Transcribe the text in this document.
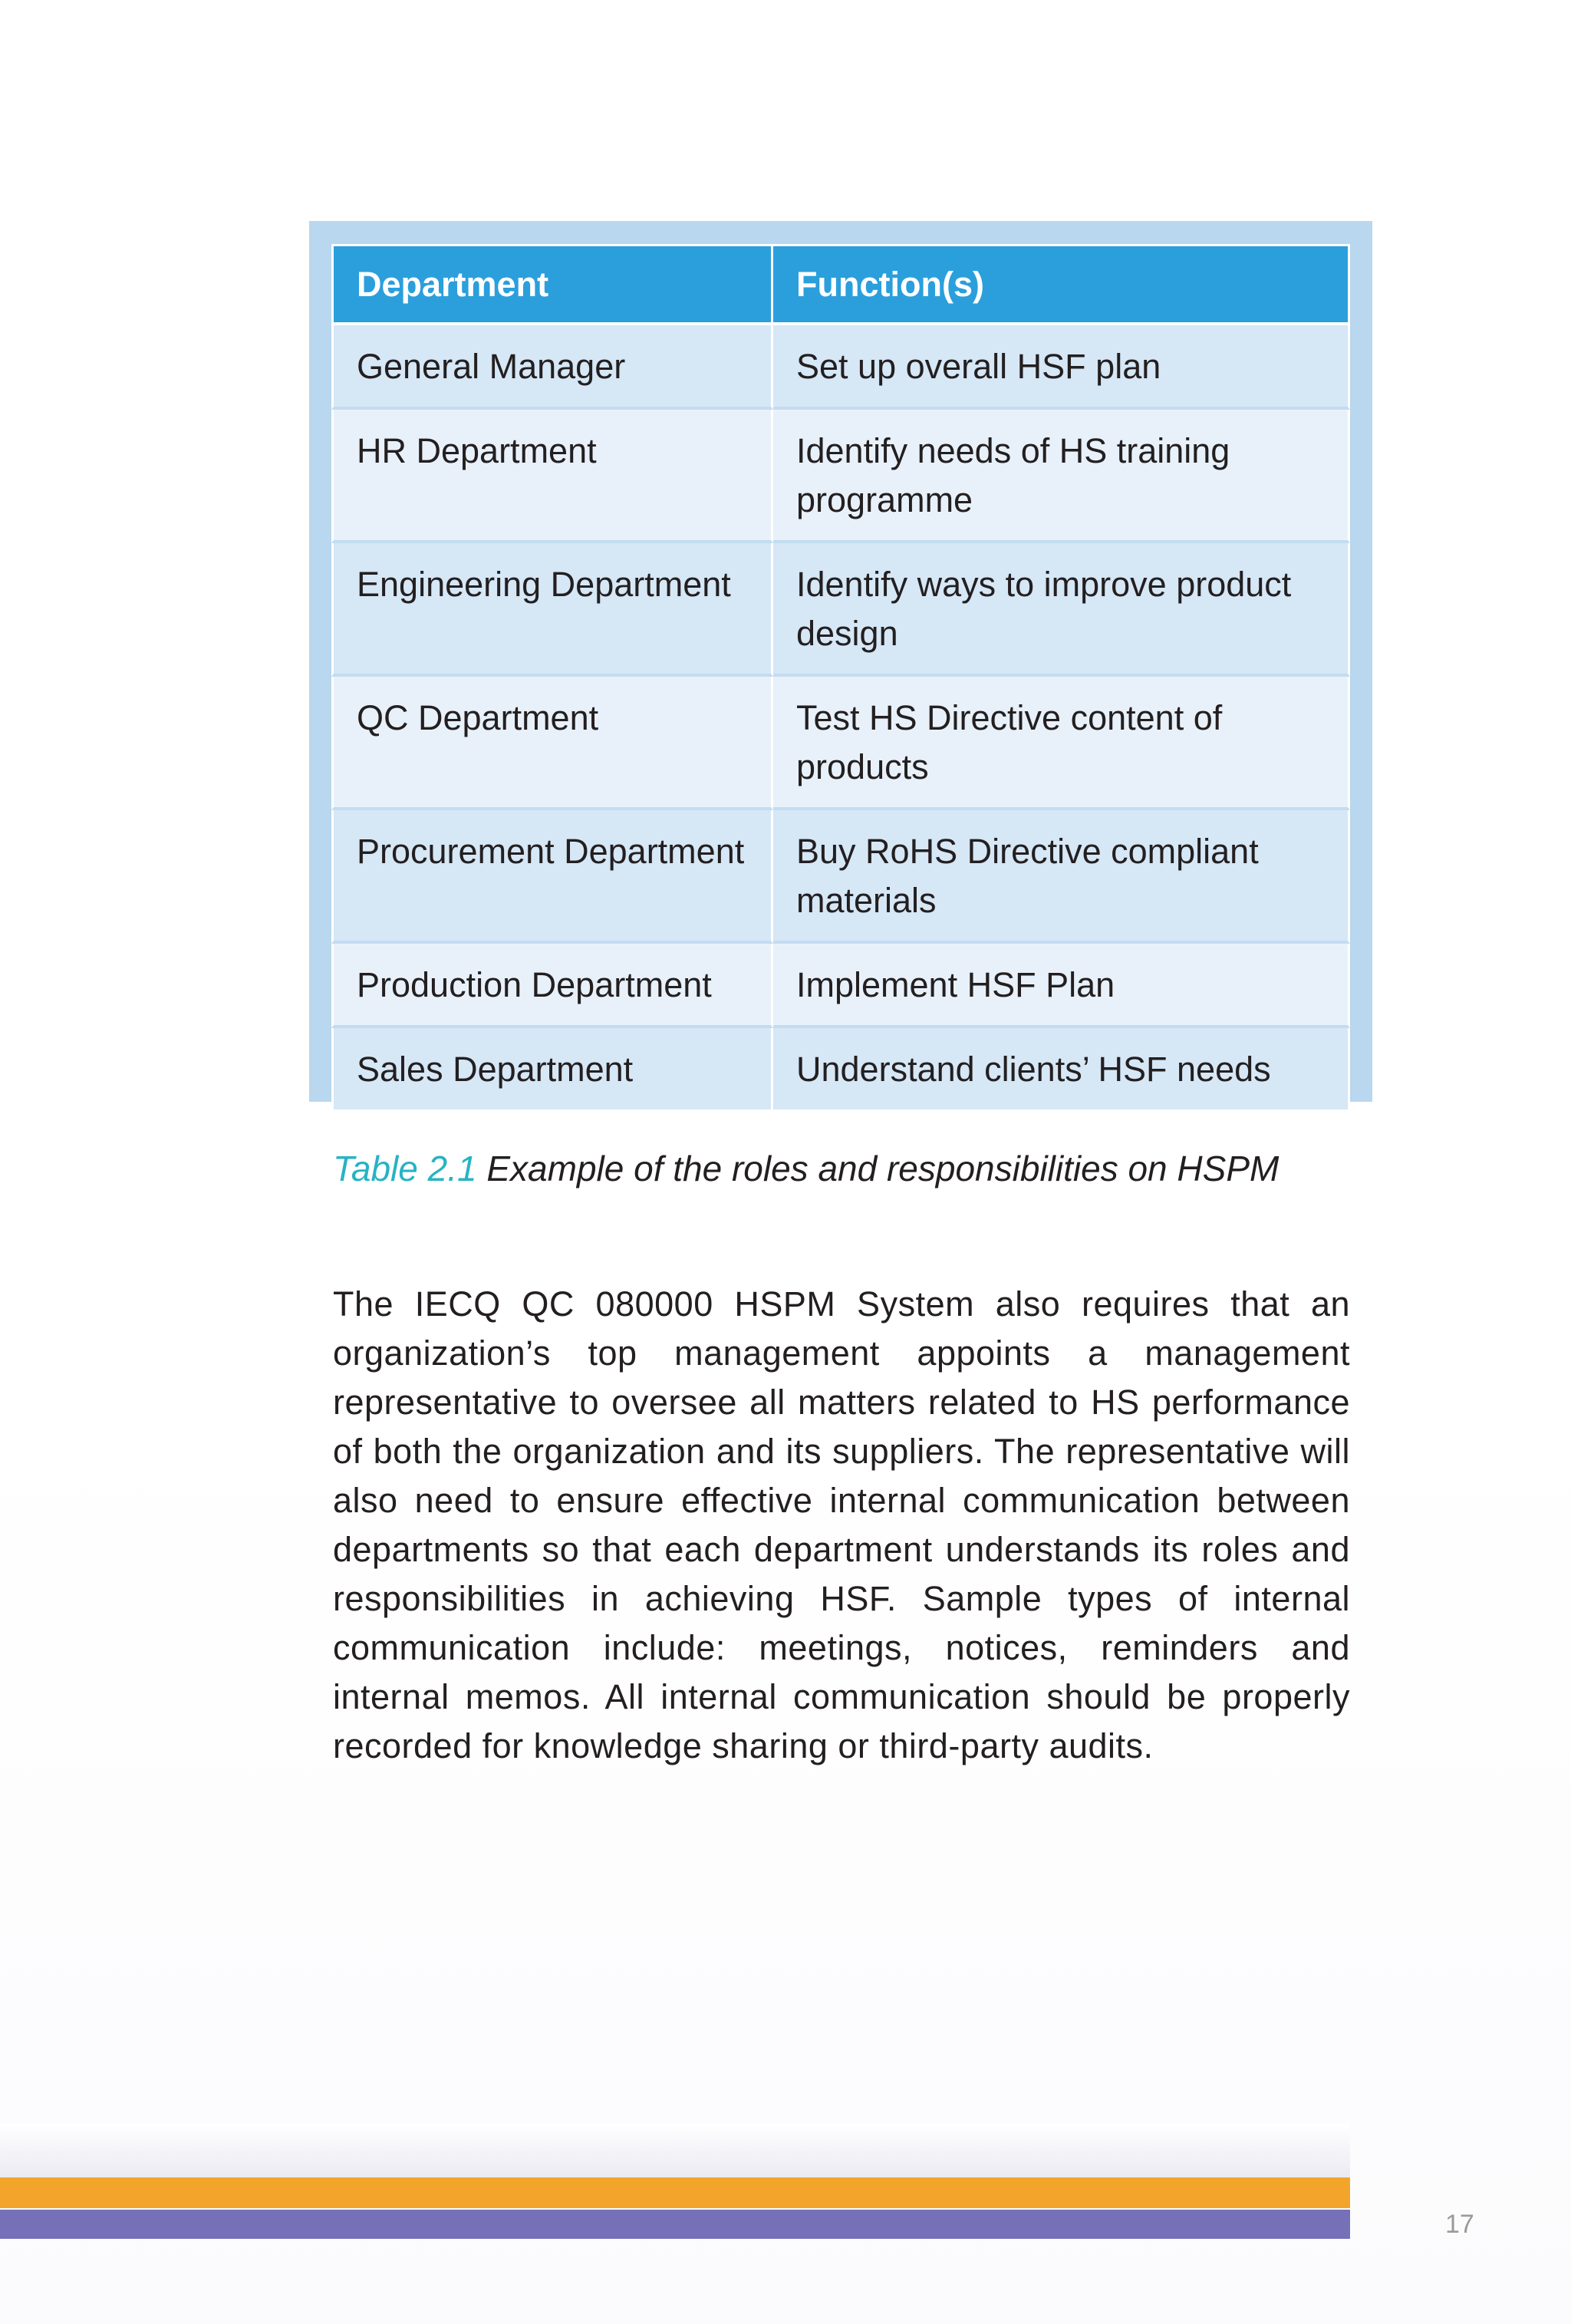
Department	Function(s)
General Manager	Set up overall HSF plan
HR Department	Identify needs of HS training programme
Engineering Department	Identify ways to improve product design
QC Department	Test HS Directive content of products
Procurement Department	Buy RoHS Directive compliant materials
Production Department	Implement HSF Plan
Sales Department	Understand clients’ HSF needs
Table 2.1 Example of the roles and responsibilities on HSPM

The IECQ QC 080000 HSPM System also requires that an organization’s top management appoints a management representative to oversee all matters related to HS performance of both the organization and its suppliers. The representative will also need to ensure effective internal communication between departments so that each department understands its roles and responsibilities in achieving HSF. Sample types of internal communication include: meetings, notices, reminders and internal memos. All internal communication should be properly recorded for knowledge sharing or third-party audits.

17
